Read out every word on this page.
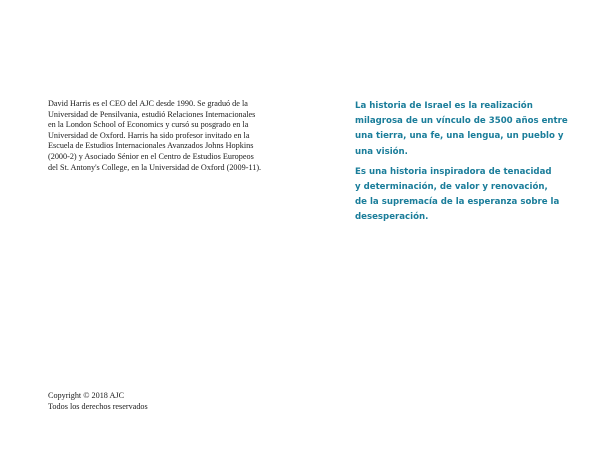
David Harris es el CEO del AJC desde 1990. Se graduó de la
Universidad de Pensilvania, estudió Relaciones Internacionales
en la London School of Economics y cursó su posgrado en la
Universidad de Oxford. Harris ha sido profesor invitado en la
Escuela de Estudios Internacionales Avanzados Johns Hopkins
(2000-2) y Asociado Sénior en el Centro de Estudios Europeos
del St. Antony's College, en la Universidad de Oxford (2009-11).

La historia de Israel es la realización
milagrosa de un vínculo de 3500 años entre
una tierra, una fe, una lengua, un pueblo y
una visión.

Es una historia inspiradora de tenacidad
y determinación, de valor y renovación,
de la supremacía de la esperanza sobre la
desesperación.

Copyright © 2018 AJC
Todos los derechos reservados
